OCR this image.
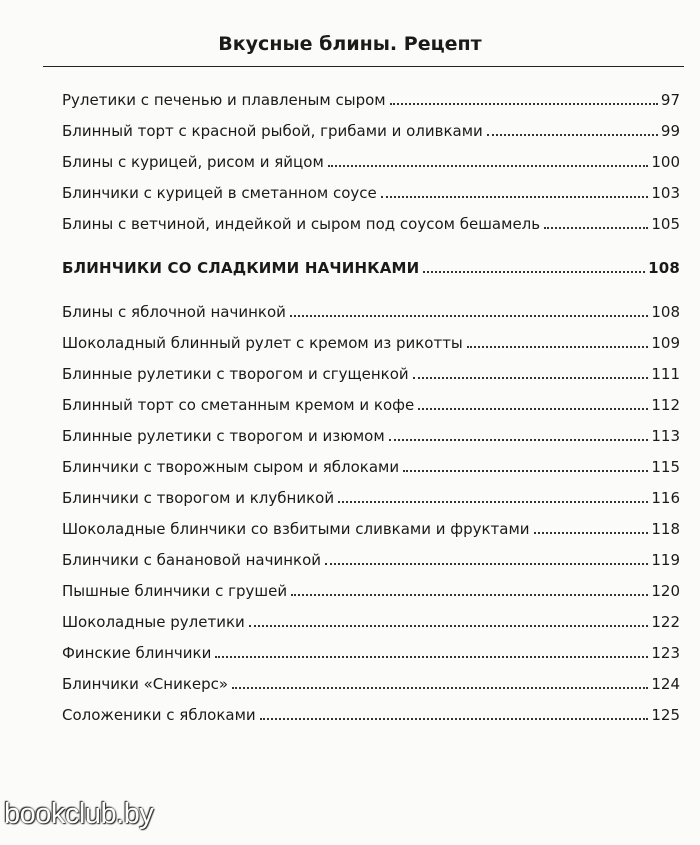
Вкусные блины. Рецепт
Рулетики с печенью и плавленым сыром	97
Блинный торт с красной рыбой, грибами и оливками	99
Блины с курицей, рисом и яйцом	100
Блинчики с курицей в сметанном соусе	103
Блины с ветчиной, индейкой и сыром под соусом бешамель	105
БЛИНЧИКИ СО СЛАДКИМИ НАЧИНКАМИ	108
Блины с яблочной начинкой	108
Шоколадный блинный рулет с кремом из рикотты	109
Блинные рулетики с творогом и сгущенкой	111
Блинный торт со сметанным кремом и кофе	112
Блинные рулетики с творогом и изюмом	113
Блинчики с творожным сыром и яблоками	115
Блинчики с творогом и клубникой	116
Шоколадные блинчики со взбитыми сливками и фруктами	118
Блинчики с банановой начинкой	119
Пышные блинчики с грушей	120
Шоколадные рулетики	122
Финские блинчики	123
Блинчики «Сникерс»	124
Соложеники с яблоками	125
bookclub.by
